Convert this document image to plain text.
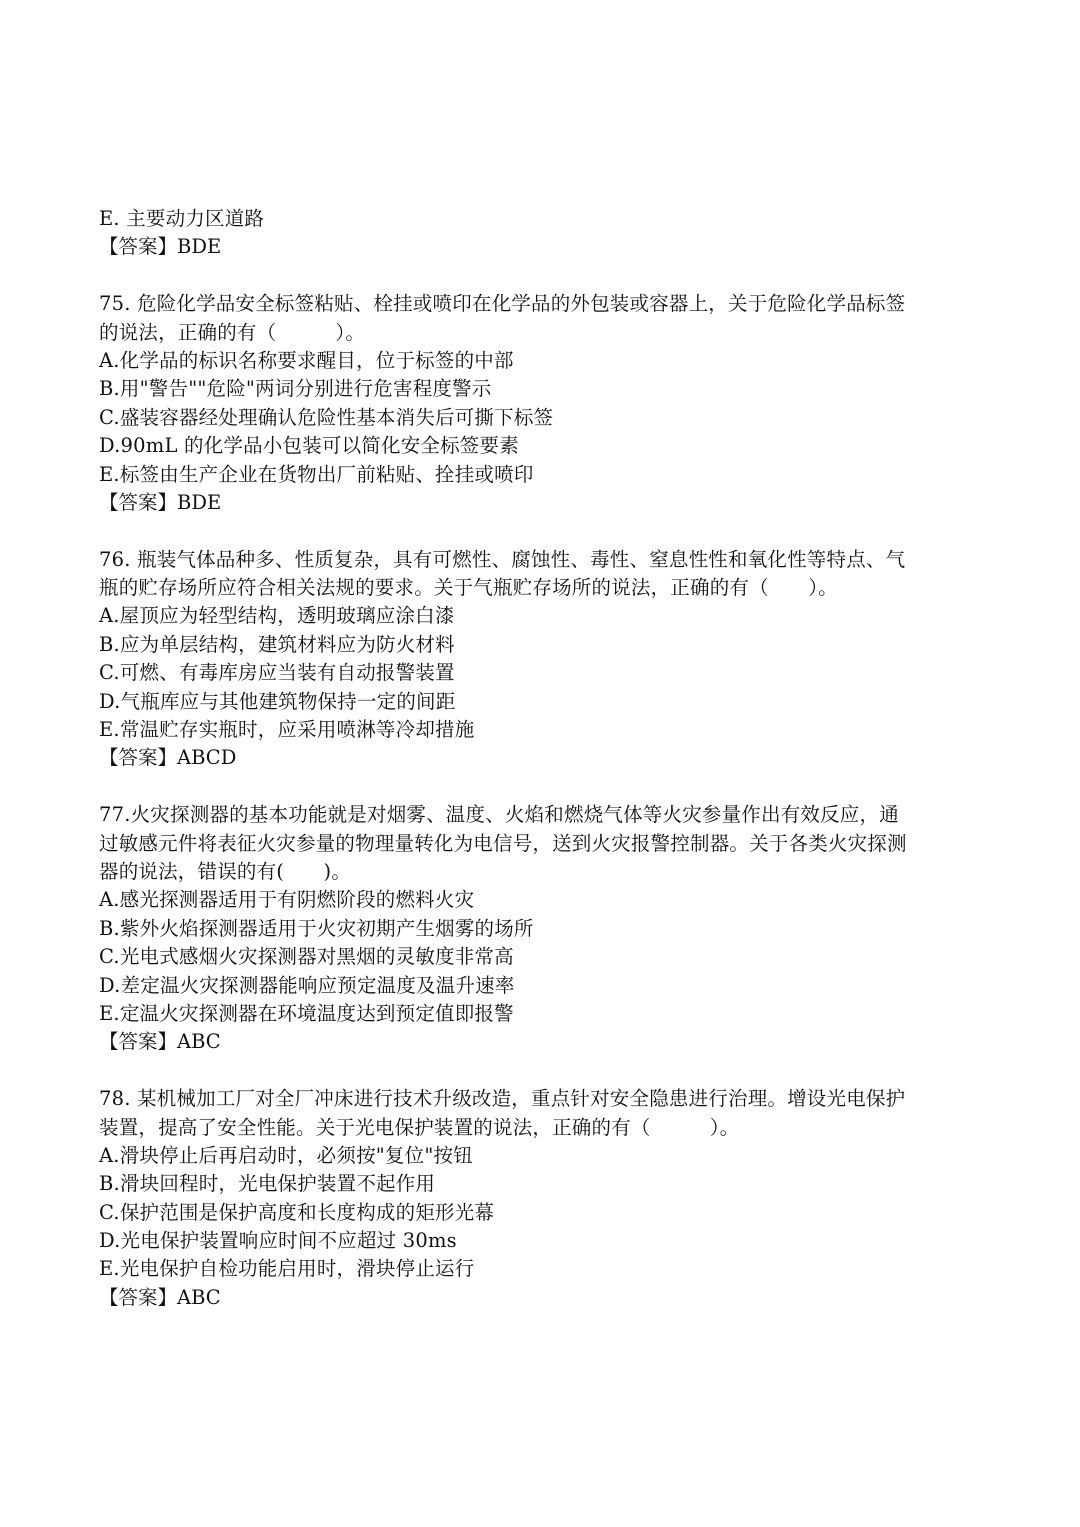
E. 主要动力区道路
【答案】BDE
75. 危险化学品安全标签粘贴、栓挂或喷印在化学品的外包装或容器上，关于危险化学品标签
的说法，正确的有（　　　）。
A.化学品的标识名称要求醒目，位于标签的中部
B.用"警告""危险"两词分别进行危害程度警示
C.盛装容器经处理确认危险性基本消失后可撕下标签
D.90mL 的化学品小包装可以简化安全标签要素
E.标签由生产企业在货物出厂前粘贴、拴挂或喷印
【答案】BDE
76. 瓶装气体品种多、性质复杂，具有可燃性、腐蚀性、毒性、窒息性性和氧化性等特点、气
瓶的贮存场所应符合相关法规的要求。关于气瓶贮存场所的说法，正确的有（　　）。
A.屋顶应为轻型结构，透明玻璃应涂白漆
B.应为单层结构，建筑材料应为防火材料
C.可燃、有毒库房应当装有自动报警装置
D.气瓶库应与其他建筑物保持一定的间距
E.常温贮存实瓶时，应采用喷淋等冷却措施
【答案】ABCD
77.火灾探测器的基本功能就是对烟雾、温度、火焰和燃烧气体等火灾参量作出有效反应，通
过敏感元件将表征火灾参量的物理量转化为电信号，送到火灾报警控制器。关于各类火灾探测
器的说法，错误的有(　　)。
A.感光探测器适用于有阴燃阶段的燃料火灾
B.紫外火焰探测器适用于火灾初期产生烟雾的场所
C.光电式感烟火灾探测器对黑烟的灵敏度非常高
D.差定温火灾探测器能响应预定温度及温升速率
E.定温火灾探测器在环境温度达到预定值即报警
【答案】ABC
78. 某机械加工厂对全厂冲床进行技术升级改造，重点针对安全隐患进行治理。增设光电保护
装置，提高了安全性能。关于光电保护装置的说法，正确的有（　　　）。
A.滑块停止后再启动时，必须按"复位"按钮
B.滑块回程时，光电保护装置不起作用
C.保护范围是保护高度和长度构成的矩形光幕
D.光电保护装置响应时间不应超过 30ms
E.光电保护自检功能启用时，滑块停止运行
【答案】ABC
